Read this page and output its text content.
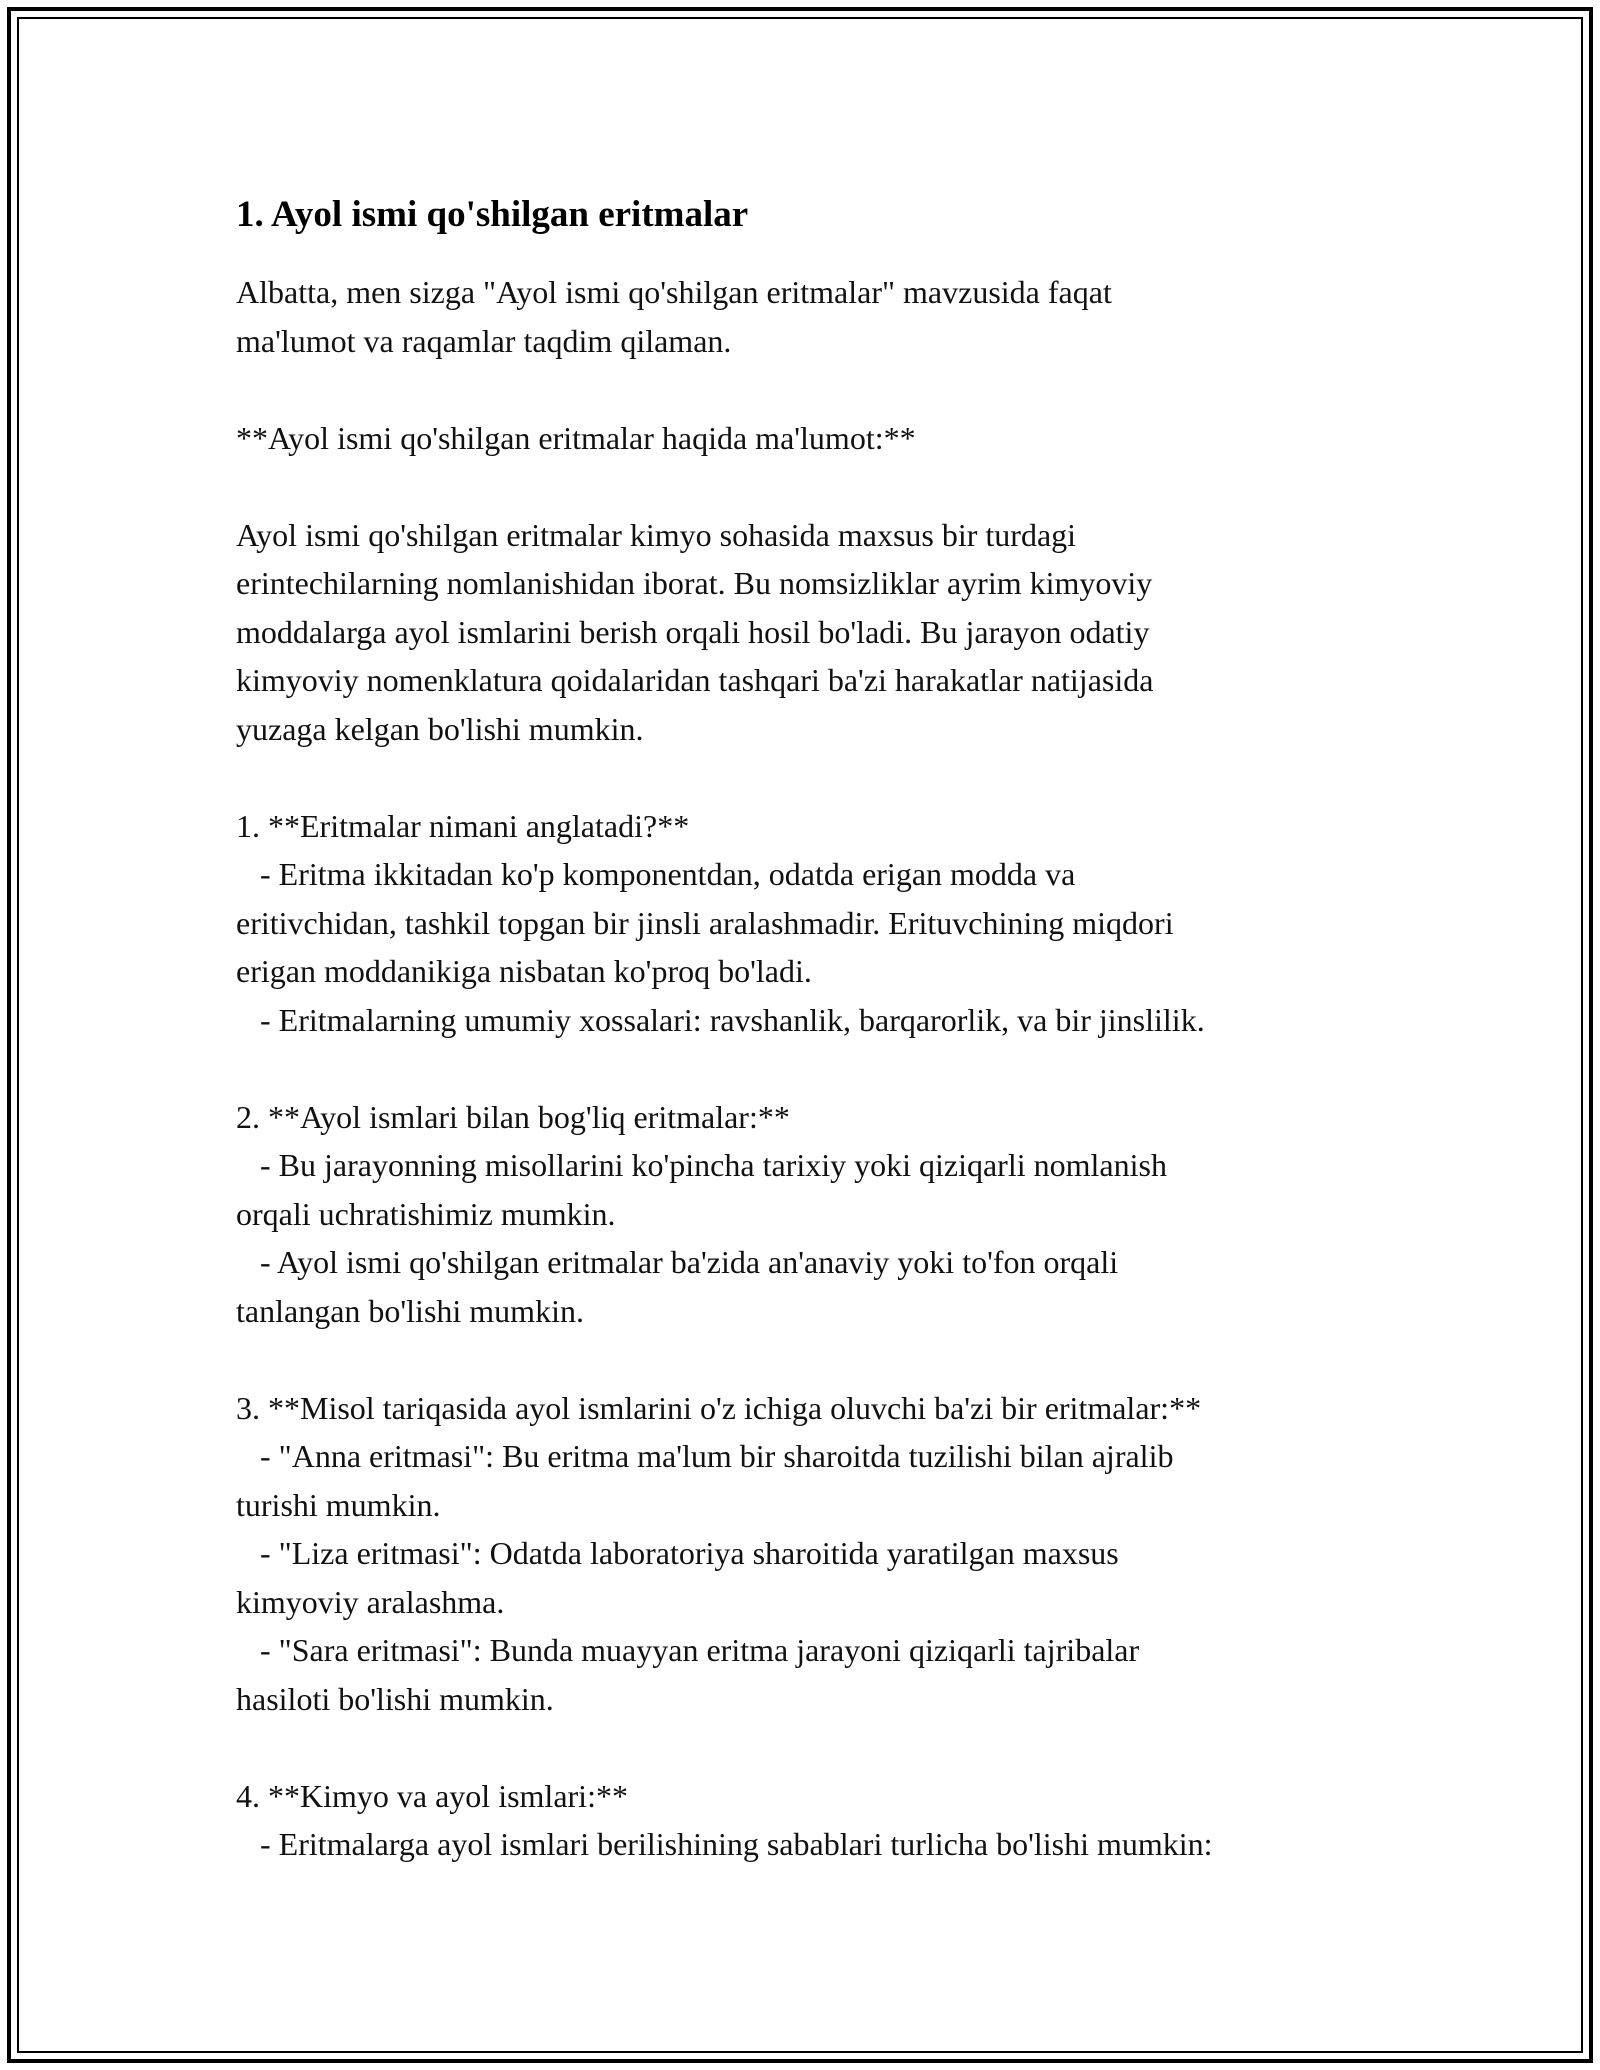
1. Ayol ismi qo'shilgan eritmalar

Albatta, men sizga "Ayol ismi qo'shilgan eritmalar" mavzusida faqat
ma'lumot va raqamlar taqdim qilaman.

**Ayol ismi qo'shilgan eritmalar haqida ma'lumot:**

Ayol ismi qo'shilgan eritmalar kimyo sohasida maxsus bir turdagi
erintechilarning nomlanishidan iborat. Bu nomsizliklar ayrim kimyoviy
moddalarga ayol ismlarini berish orqali hosil bo'ladi. Bu jarayon odatiy
kimyoviy nomenklatura qoidalaridan tashqari ba'zi harakatlar natijasida
yuzaga kelgan bo'lishi mumkin.

1. **Eritmalar nimani anglatadi?**
- Eritma ikkitadan ko'p komponentdan, odatda erigan modda va
eritivchidan, tashkil topgan bir jinsli aralashmadir. Erituvchining miqdori
erigan moddanikiga nisbatan ko'proq bo'ladi.
- Eritmalarning umumiy xossalari: ravshanlik, barqarorlik, va bir jinslilik.

2. **Ayol ismlari bilan bog'liq eritmalar:**
- Bu jarayonning misollarini ko'pincha tarixiy yoki qiziqarli nomlanish
orqali uchratishimiz mumkin.
- Ayol ismi qo'shilgan eritmalar ba'zida an'anaviy yoki to'fon orqali
tanlangan bo'lishi mumkin.

3. **Misol tariqasida ayol ismlarini o'z ichiga oluvchi ba'zi bir eritmalar:**
- "Anna eritmasi": Bu eritma ma'lum bir sharoitda tuzilishi bilan ajralib
turishi mumkin.
- "Liza eritmasi": Odatda laboratoriya sharoitida yaratilgan maxsus
kimyoviy aralashma.
- "Sara eritmasi": Bunda muayyan eritma jarayoni qiziqarli tajribalar
hasiloti bo'lishi mumkin.

4. **Kimyo va ayol ismlari:**
- Eritmalarga ayol ismlari berilishining sabablari turlicha bo'lishi mumkin:
